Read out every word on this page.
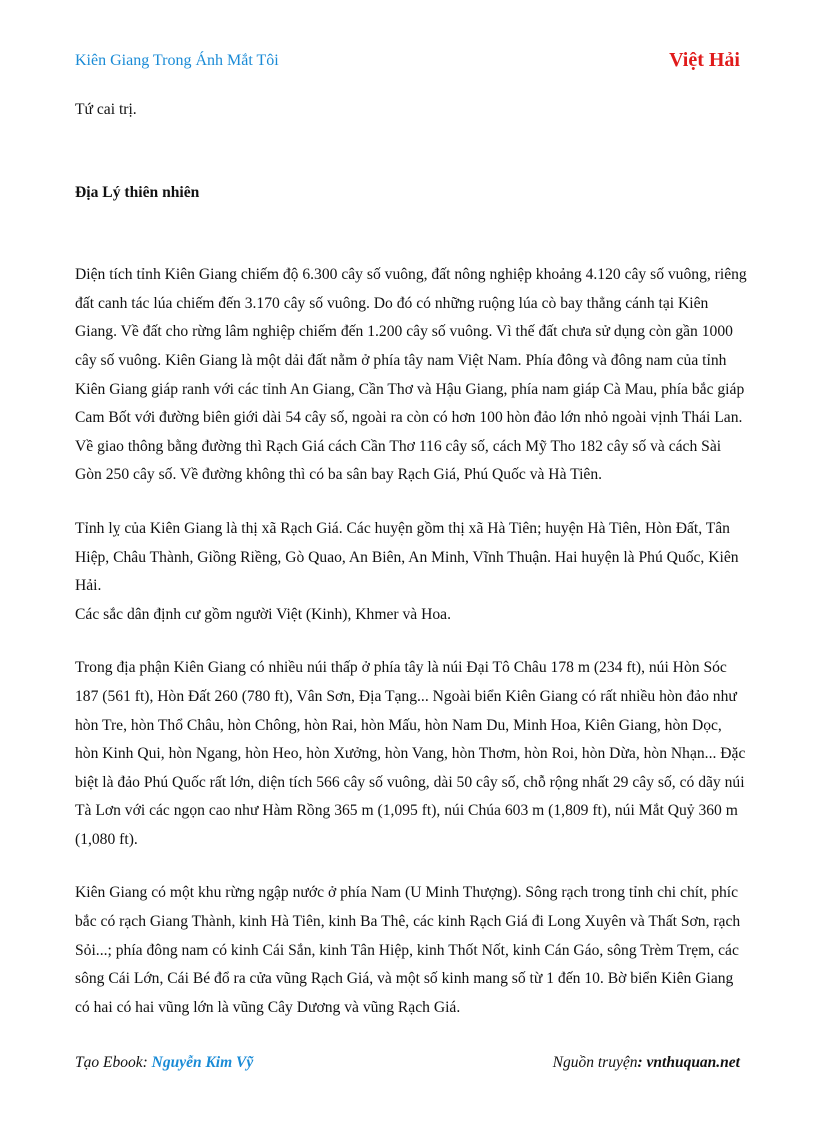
Kiên Giang Trong Ánh Mắt Tôi	Việt Hải

Tứ cai trị.

Địa Lý thiên nhiên

Diện tích tỉnh Kiên Giang chiếm độ 6.300 cây số vuông, đất nông nghiệp khoảng 4.120 cây số vuông, riêng đất canh tác lúa chiếm đến 3.170 cây số vuông. Do đó có những ruộng lúa cò bay thẳng cánh tại Kiên Giang. Về đất cho rừng lâm nghiệp chiếm đến 1.200 cây số vuông. Vì thế đất chưa sử dụng còn gần 1000 cây số vuông. Kiên Giang là một dải đất nằm ở phía tây nam Việt Nam. Phía đông và đông nam của tỉnh Kiên Giang giáp ranh với các tỉnh An Giang, Cần Thơ và Hậu Giang, phía nam giáp Cà Mau, phía bắc giáp Cam Bốt với đường biên giới dài 54 cây số, ngoài ra còn có hơn 100 hòn đảo lớn nhỏ ngoài vịnh Thái Lan. Về giao thông bằng đường thì Rạch Giá cách Cần Thơ 116 cây số, cách Mỹ Tho 182 cây số và cách Sài Gòn 250 cây số. Về đường không thì có ba sân bay Rạch Giá, Phú Quốc và Hà Tiên.

Tỉnh lỵ của Kiên Giang là thị xã Rạch Giá. Các huyện gồm thị xã Hà Tiên; huyện Hà Tiên, Hòn Đất, Tân Hiệp, Châu Thành, Giồng Riềng, Gò Quao, An Biên, An Minh, Vĩnh Thuận. Hai huyện là Phú Quốc, Kiên Hải.

Các sắc dân định cư gồm người Việt (Kinh), Khmer và Hoa.

Trong địa phận Kiên Giang có nhiều núi thấp ở phía tây là núi Đại Tô Châu 178 m (234 ft), núi Hòn Sóc 187 (561 ft), Hòn Đất 260 (780 ft), Vân Sơn, Địa Tạng... Ngoài biển Kiên Giang có rất nhiều hòn đảo như hòn Tre, hòn Thổ Châu, hòn Chông, hòn Rai, hòn Mấu, hòn Nam Du, Minh Hoa, Kiên Giang, hòn Dọc, hòn Kinh Qui, hòn Ngang, hòn Heo, hòn Xưởng, hòn Vang, hòn Thơm, hòn Roi, hòn Dừa, hòn Nhạn... Đặc biệt là đảo Phú Quốc rất lớn, diện tích 566 cây số vuông, dài 50 cây số, chỗ rộng nhất 29 cây số, có dãy núi Tà Lơn với các ngọn cao như Hàm Rồng 365 m (1,095 ft), núi Chúa 603 m (1,809 ft), núi Mắt Quỷ 360 m (1,080 ft).

Kiên Giang có một khu rừng ngập nước ở phía Nam (U Minh Thượng). Sông rạch trong tỉnh chi chít, phíc bắc có rạch Giang Thành, kinh Hà Tiên, kinh Ba Thê, các kinh Rạch Giá đi Long Xuyên và Thất Sơn, rạch Sỏi...; phía đông nam có kinh Cái Sắn, kinh Tân Hiệp, kinh Thốt Nốt, kinh Cán Gáo, sông Trèm Trẹm, các sông Cái Lớn, Cái Bé đổ ra cửa vũng Rạch Giá, và một số kinh mang số từ 1 đến 10. Bờ biển Kiên Giang có hai có hai vũng lớn là vũng Cây Dương và vũng Rạch Giá.

Tạo Ebook: Nguyễn Kim Vỹ	Nguồn truyện: vnthuquan.net
